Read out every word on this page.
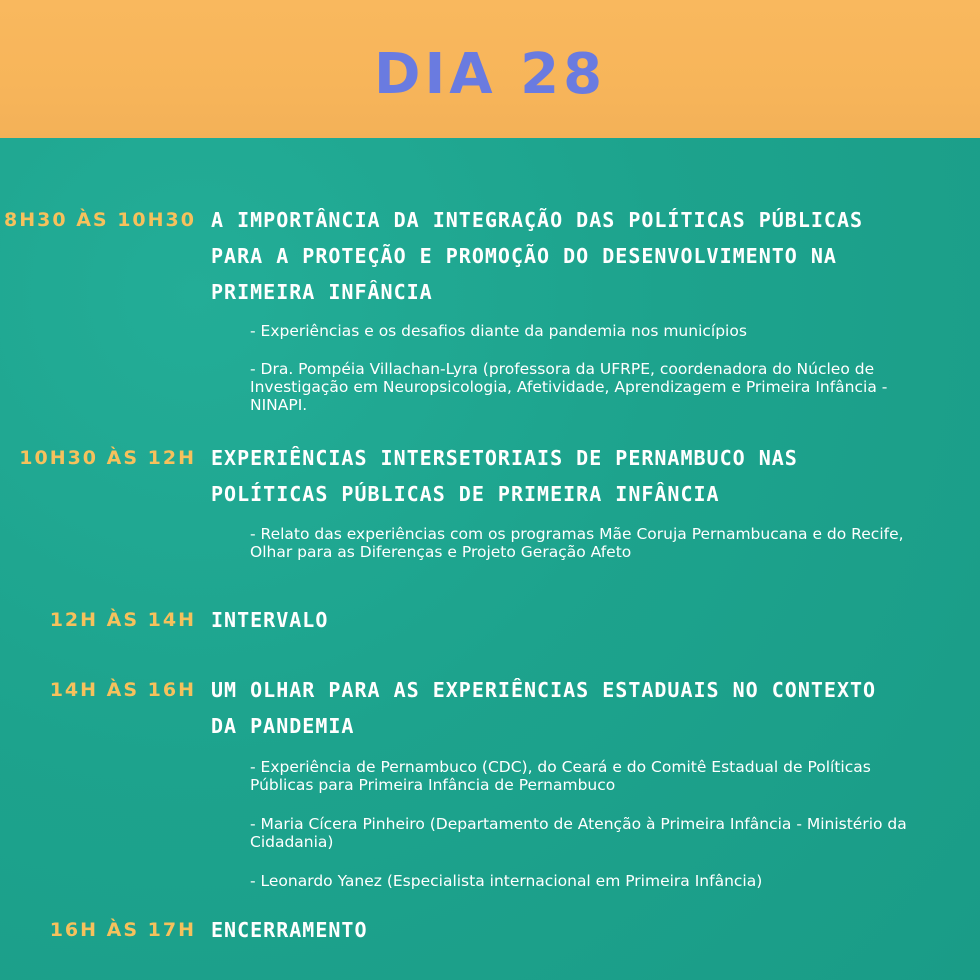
DIA 28
8H30 ÀS 10H30 A IMPORTÂNCIA DA INTEGRAÇÃO DAS POLÍTICAS PÚBLICAS PARA A PROTEÇÃO E PROMOÇÃO DO DESENVOLVIMENTO NA PRIMEIRA INFÂNCIA

- Experiências e os desafios diante da pandemia nos municípios

- Dra. Pompéia Villachan-Lyra (professora da UFRPE, coordenadora do Núcleo de Investigação em Neuropsicologia, Afetividade, Aprendizagem e Primeira Infância - NINAPI.

10H30 ÀS 12H EXPERIÊNCIAS INTERSETORIAIS DE PERNAMBUCO NAS POLÍTICAS PÚBLICAS DE PRIMEIRA INFÂNCIA

- Relato das experiências com os programas Mãe Coruja Pernambucana e do Recife, Olhar para as Diferenças e Projeto Geração Afeto

12H ÀS 14H INTERVALO

14H ÀS 16H UM OLHAR PARA AS EXPERIÊNCIAS ESTADUAIS NO CONTEXTO DA PANDEMIA

- Experiência de Pernambuco (CDC), do Ceará e do Comitê Estadual de Políticas Públicas para Primeira Infância de Pernambuco

- Maria Cícera Pinheiro (Departamento de Atenção à Primeira Infância - Ministério da Cidadania)

- Leonardo Yanez (Especialista internacional em Primeira Infância)

16H ÀS 17H ENCERRAMENTO
